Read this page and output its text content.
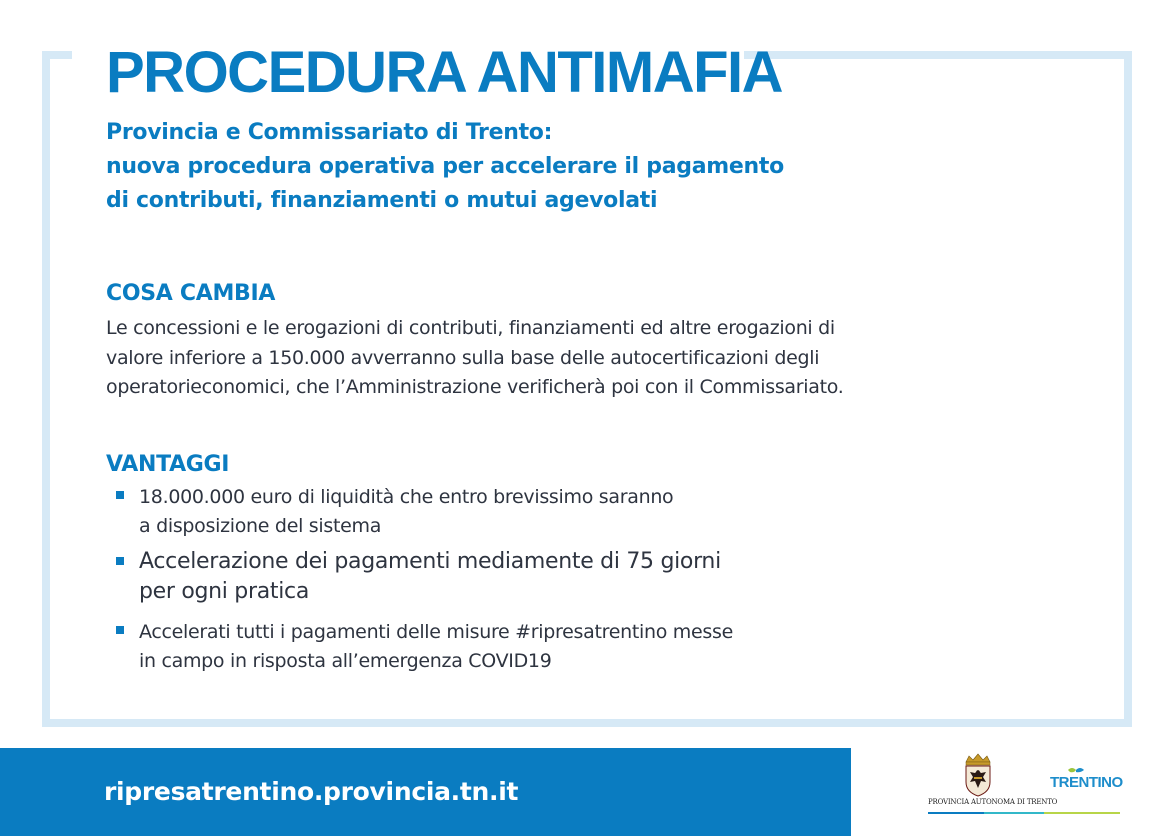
PROCEDURA ANTIMAFIA
Provincia e Commissariato di Trento:
nuova procedura operativa per accelerare il pagamento
di contributi, finanziamenti o mutui agevolati
COSA CAMBIA
Le concessioni e le erogazioni di contributi, finanziamenti ed altre erogazioni di
valore inferiore a 150.000 avverranno sulla base delle autocertificazioni degli
operatorieconomici, che l’Amministrazione verificherà poi con il Commissariato.
VANTAGGI
18.000.000 euro di liquidità che entro brevissimo saranno
a disposizione del sistema
Accelerazione dei pagamenti mediamente di 75 giorni
per ogni pratica
Accelerati tutti i pagamenti delle misure #ripresatrentino messe
in campo in risposta all’emergenza COVID19
ripresatrentino.provincia.tn.it	PROVINCIA AUTONOMA DI TRENTO
TRENTINO
